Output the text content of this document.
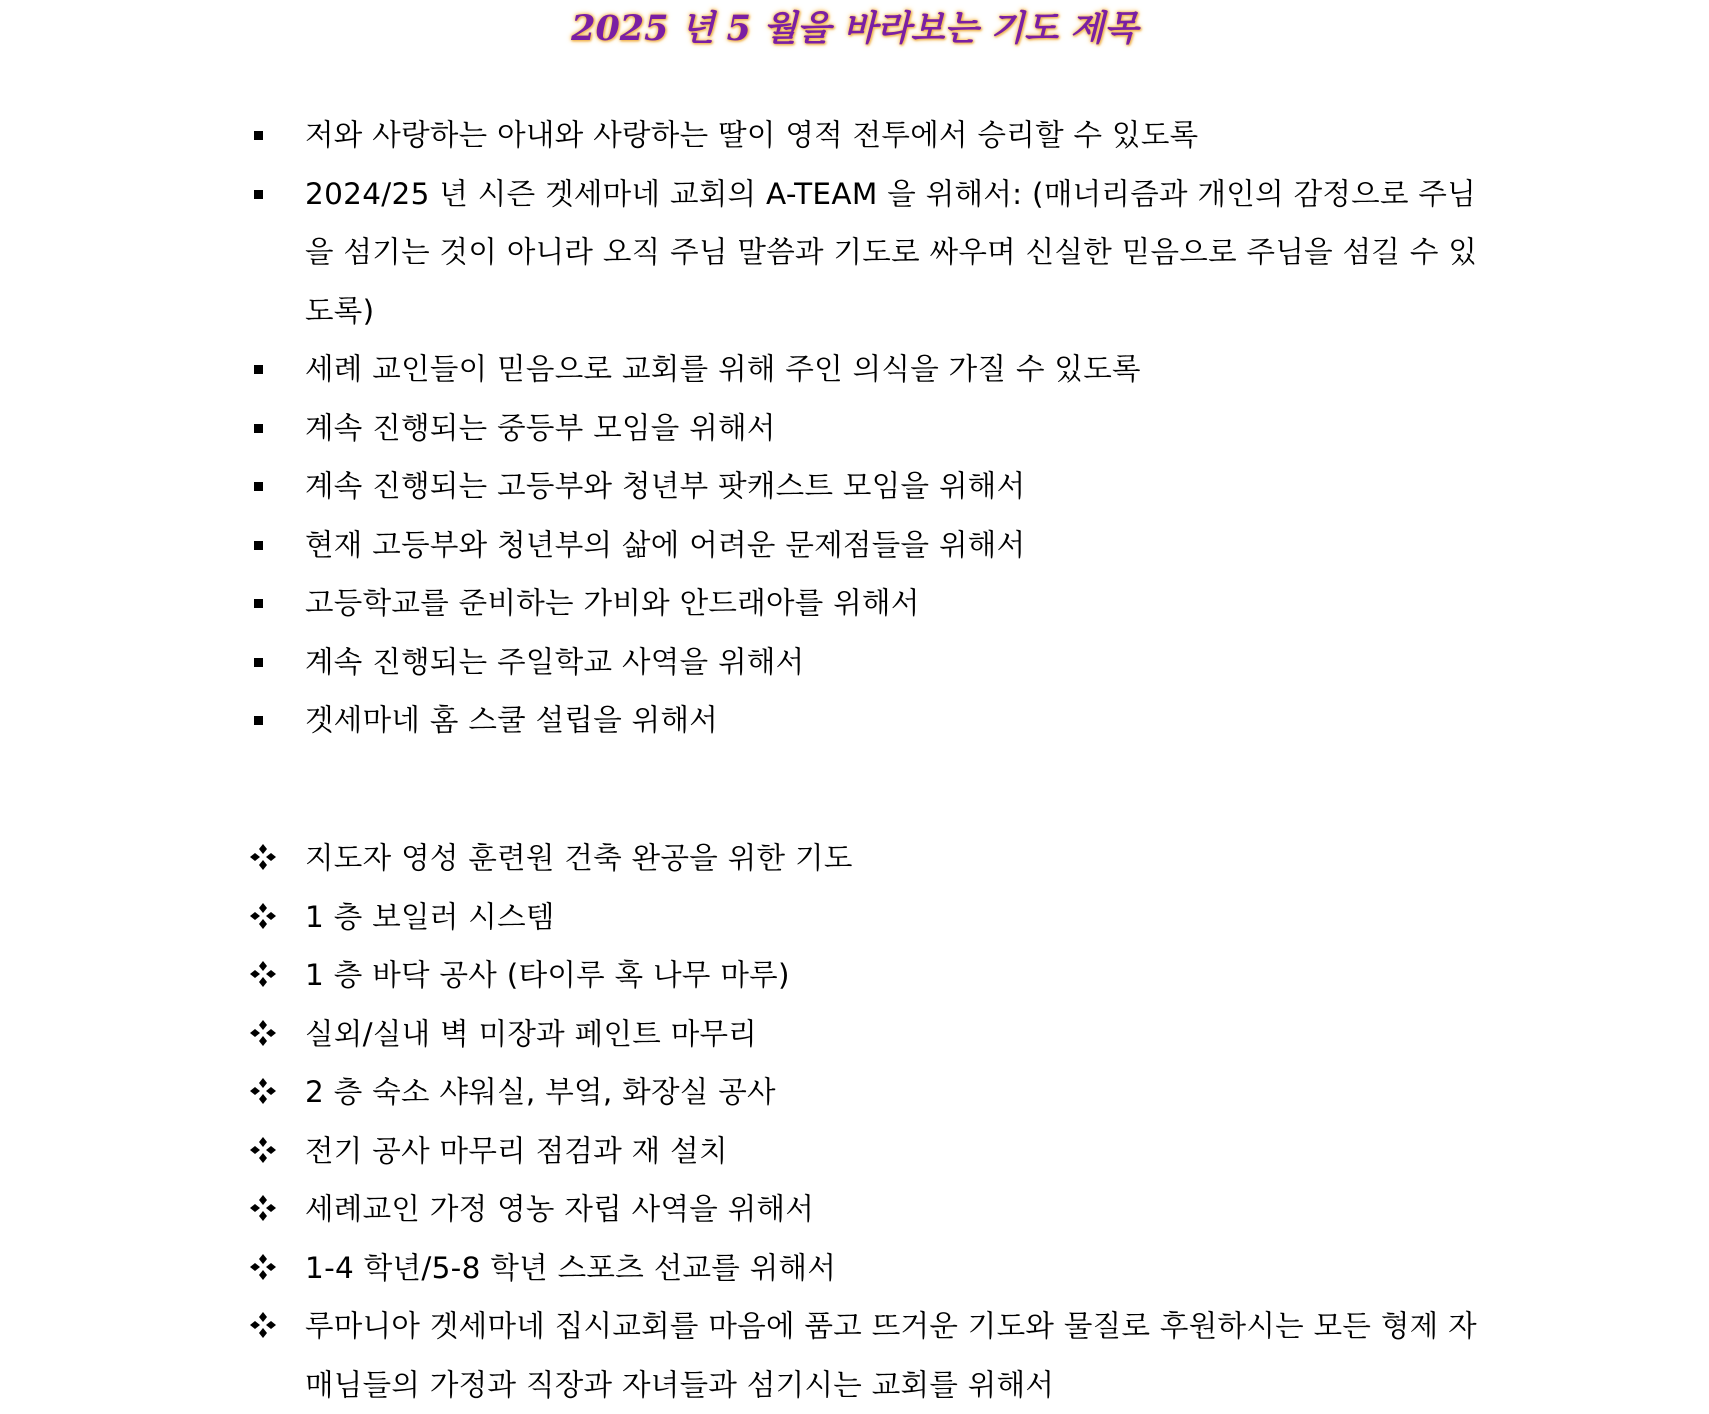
2025 년 5 월을 바라보는 기도 제목
저와 사랑하는 아내와 사랑하는 딸이 영적 전투에서 승리할 수 있도록
2024/25 년 시즌 겟세마네 교회의 A-TEAM 을 위해서: (매너리즘과 개인의 감정으로 주님을 섬기는 것이 아니라 오직 주님 말씀과 기도로 싸우며 신실한 믿음으로 주님을 섬길 수 있도록)
세례 교인들이 믿음으로 교회를 위해 주인 의식을 가질 수 있도록
계속 진행되는 중등부 모임을 위해서
계속 진행되는 고등부와 청년부 팟캐스트 모임을 위해서
현재 고등부와 청년부의 삶에 어려운 문제점들을 위해서
고등학교를 준비하는 가비와 안드래아를 위해서
계속 진행되는 주일학교 사역을 위해서
겟세마네 홈 스쿨 설립을 위해서
지도자 영성 훈련원 건축 완공을 위한 기도
1 층 보일러 시스템
1 층 바닥 공사 (타이루 혹 나무 마루)
실외/실내 벽 미장과 페인트 마무리
2 층 숙소 샤워실, 부엌, 화장실 공사
전기 공사 마무리 점검과 재 설치
세례교인 가정 영농 자립 사역을 위해서
1-4 학년/5-8 학년 스포츠 선교를 위해서
루마니아 겟세마네 집시교회를 마음에 품고 뜨거운 기도와 물질로 후원하시는 모든 형제 자매님들의 가정과 직장과 자녀들과 섬기시는 교회를 위해서
